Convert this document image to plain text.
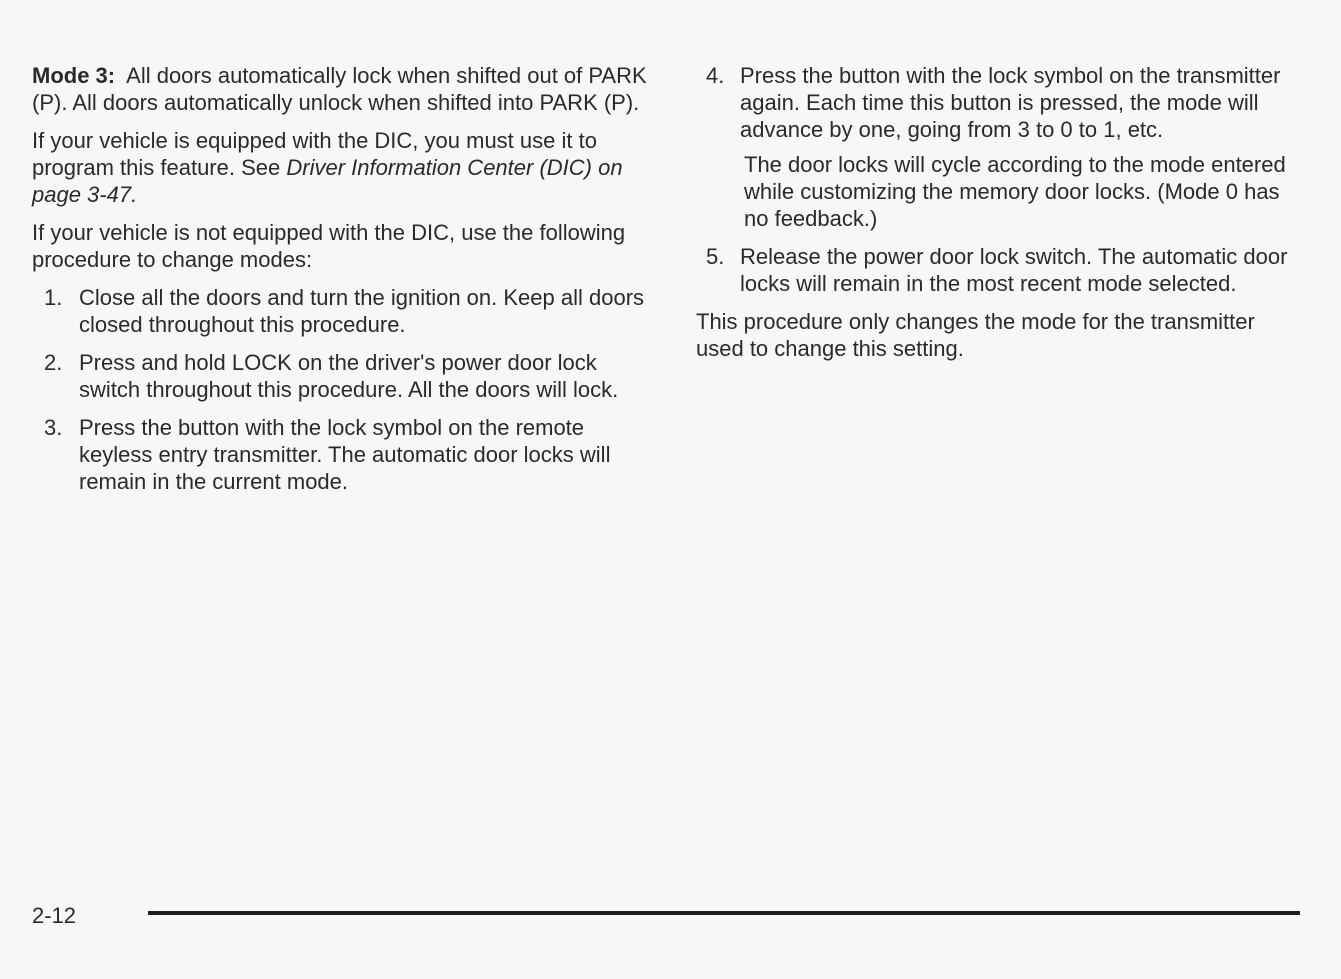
Mode 3: All doors automatically lock when shifted out of PARK (P). All doors automatically unlock when shifted into PARK (P).

If your vehicle is equipped with the DIC, you must use it to program this feature. See Driver Information Center (DIC) on page 3-47.

If your vehicle is not equipped with the DIC, use the following procedure to change modes:

1. Close all the doors and turn the ignition on. Keep all doors closed throughout this procedure.
2. Press and hold LOCK on the driver's power door lock switch throughout this procedure. All the doors will lock.
3. Press the button with the lock symbol on the remote keyless entry transmitter. The automatic door locks will remain in the current mode.
4. Press the button with the lock symbol on the transmitter again. Each time this button is pressed, the mode will advance by one, going from 3 to 0 to 1, etc.
The door locks will cycle according to the mode entered while customizing the memory door locks. (Mode 0 has no feedback.)
5. Release the power door lock switch. The automatic door locks will remain in the most recent mode selected.

This procedure only changes the mode for the transmitter used to change this setting.

2-12
